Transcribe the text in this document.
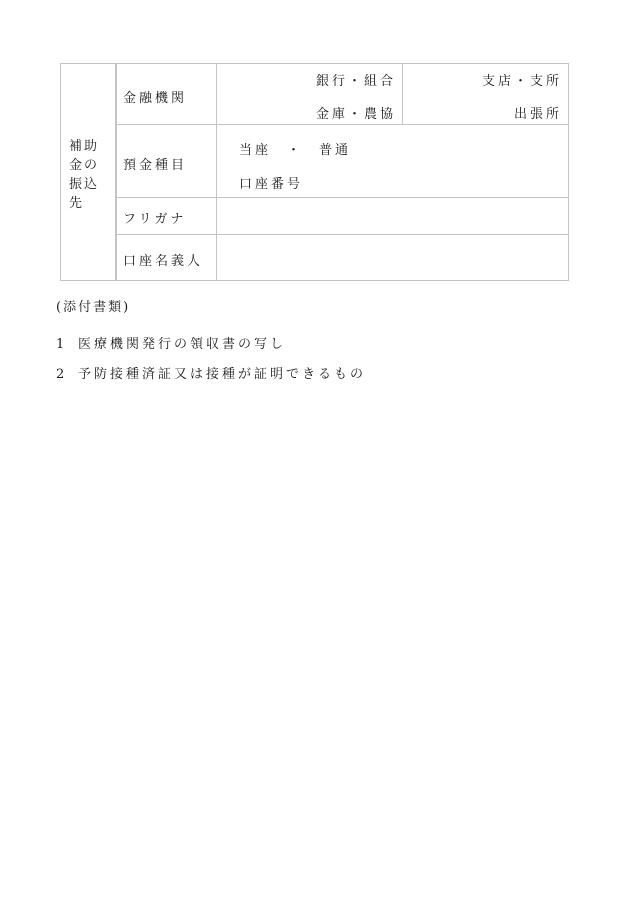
補助
金の
振込
先
金融機関
銀行・組合
金庫・農協
支店・支所
出張所
預金種目
当座　・　普通
口座番号
フリガナ
口座名義人
(添付書類)
1 医療機関発行の領収書の写し
2 予防接種済証又は接種が証明できるもの
